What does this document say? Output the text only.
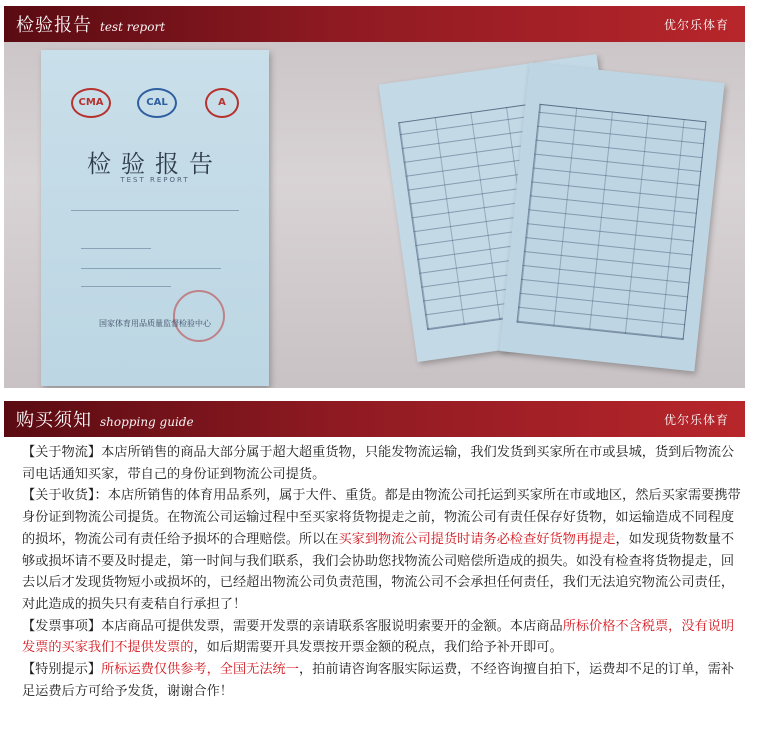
检验报告 test report	优尔乐体育
CMA	CAL	A
检验报告
TEST REPORT
国家体育用品质量监督检验中心
购买须知 shopping guide	优尔乐体育

【关于物流】本店所销售的商品大部分属于超大超重货物，只能发物流运输，我们发货到买家所在市或县城，货到后物流公司电话通知买家，带自己的身份证到物流公司提货。

【关于收货】：本店所销售的体育用品系列，属于大件、重货。都是由物流公司托运到买家所在市或地区，然后买家需要携带身份证到物流公司提货。在物流公司运输过程中至买家将货物提走之前，物流公司有责任保存好货物，如运输造成不同程度的损坏，物流公司有责任给予损坏的合理赔偿。所以在买家到物流公司提货时请务必检查好货物再提走，如发现货物数量不够或损坏请不要及时提走，第一时间与我们联系，我们会协助您找物流公司赔偿所造成的损失。如没有检查将货物提走，回去以后才发现货物短小或损坏的，已经超出物流公司负责范围，物流公司不会承担任何责任，我们无法追究物流公司责任，对此造成的损失只有麦秸自行承担了！

【发票事项】本店商品可提供发票，需要开发票的亲请联系客服说明索要开的金额。本店商品所标价格不含税票，没有说明发票的买家我们不提供发票的，如后期需要开具发票按开票金额的税点，我们给予补开即可。

【特别提示】所标运费仅供参考，全国无法统一，拍前请咨询客服实际运费，不经咨询擅自拍下，运费却不足的订单，需补足运费后方可给予发货，谢谢合作！
